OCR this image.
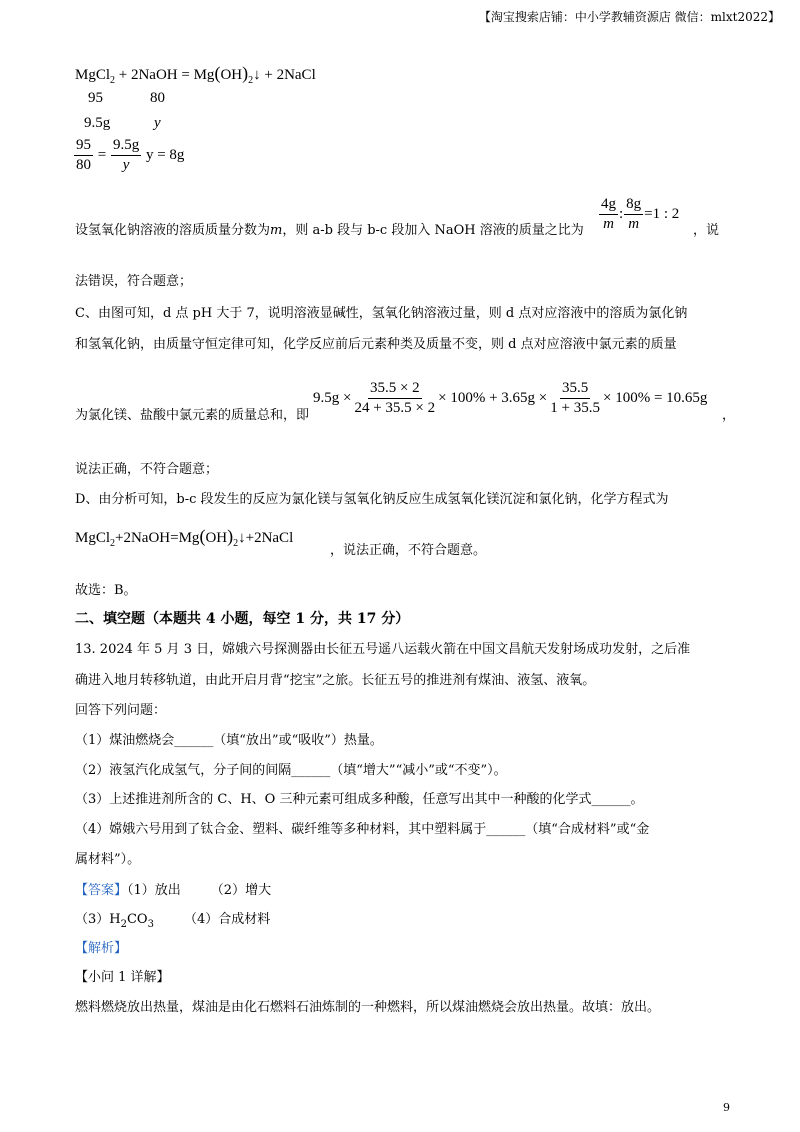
【淘宝搜索店铺：中小学教辅资源店 微信：mlxt2022】
MgCl$_2$ + 2NaOH = $Mg(OH)_2↓$ + 2NaCl
95	80
9.5g	y
$\frac{95}{80} = \frac{9.5g}{y}$ y = 8g
设氢氧化钠溶液的溶质质量分数为m，则 a-b 段与 b-c 段加入 NaOH 溶液的质量之比为 $\frac{4g}{m}$ : $\frac{8g}{m} =1$ : 2
，说
法错误，符合题意；
C、由图可知，d 点 pH 大于 7，说明溶液显碱性，氢氧化钠溶液过量，则 d 点对应溶液中的溶质为氯化钠
和氢氧化钠，由质量守恒定律可知，化学反应前后元素种类及质量不变，则 d 点对应溶液中氯元素的质量
为氯化镁、盐酸中氯元素的质量总和，即
$9.5g \times \frac{35.5 \times 2}{24 + 35.5 \times 2} \times 100\% + 3.65g \times \frac{35.5}{1 + 35.5} \times 100\% = 10.65g$
，
说法正确，不符合题意；
D、由分析可知，b-c 段发生的反应为氯化镁与氢氧化钠反应生成氢氧化镁沉淀和氯化钠，化学方程式为
$MgCl_2+2NaOH=Mg(OH)_2↓+2NaCl$
，说法正确，不符合题意。
故选：B。
二、填空题（本题共 4 小题，每空 1 分，共 17 分）
13. 2024 年 5 月 3 日，嫦娥六号探测器由长征五号遥八运载火箭在中国文昌航天发射场成功发射，之后准
确进入地月转移轨道，由此开启月背“挖宝”之旅。长征五号的推进剂有煤油、液氢、液氧。
回答下列问题：
（1）煤油燃烧会______（填“放出”或“吸收”）热量。
（2）液氢汽化成氢气，分子间的间隔______（填“增大”“减小”或“不变”）。
（3）上述推进剂所含的 C、H、O 三种元素可组成多种酸，任意写出其中一种酸的化学式______。
（4）嫦娥六号用到了钛合金、塑料、碳纤维等多种材料，其中塑料属于______（填“合成材料”或“金
属材料”）。
【答案】（1）放出 （2）增大
$(3)H_2CO_3$ （4）合成材料
【解析】
【小问 1 详解】
燃料燃烧放出热量，煤油是由化石燃料石油炼制的一种燃料，所以煤油燃烧会放出热量。故填：放出。
9
